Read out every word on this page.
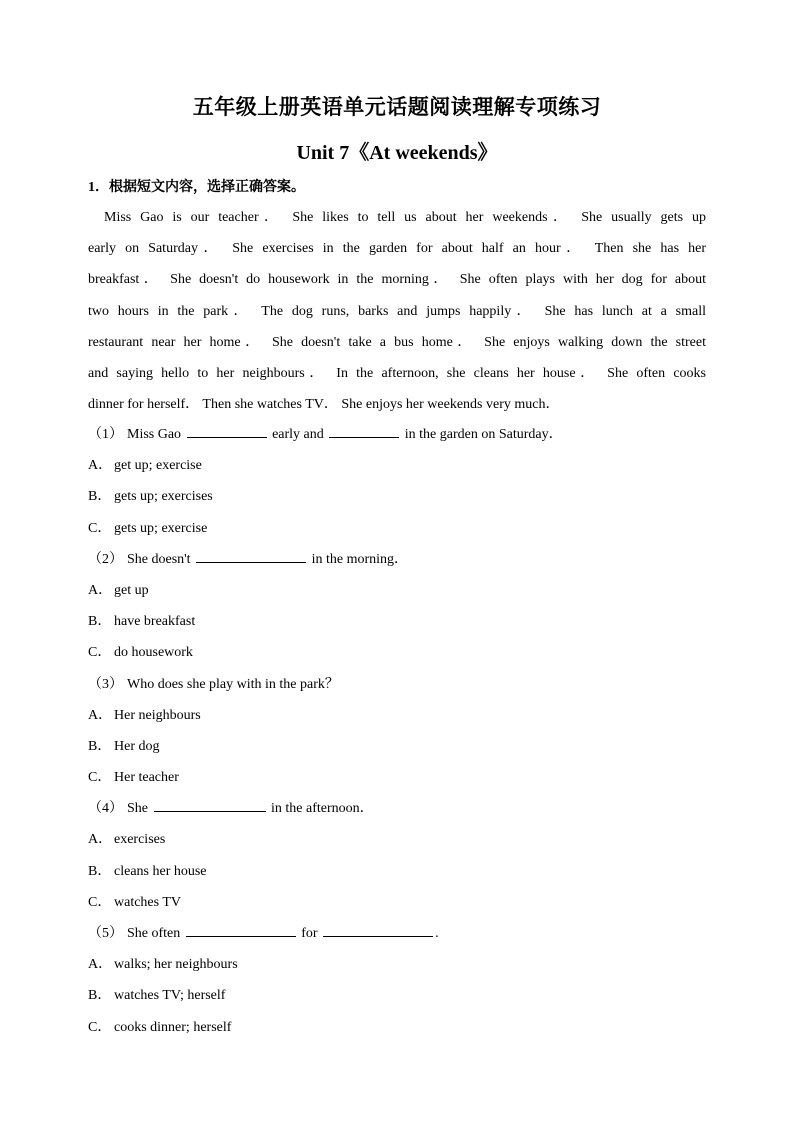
五年级上册英语单元话题阅读理解专项练习
Unit 7《At weekends》
1．根据短文内容，选择正确答案。
Miss Gao is our teacher． She likes to tell us about her weekends． She usually gets up
early on Saturday． She exercises in the garden for about half an hour． Then she has her
breakfast． She doesn't do housework in the morning． She often plays with her dog for about
two hours in the park． The dog runs, barks and jumps happily． She has lunch at a small
restaurant near her home． She doesn't take a bus home． She enjoys walking down the street
and saying hello to her neighbours． In the afternoon, she cleans her house． She often cooks
dinner for herself． Then she watches TV． She enjoys her weekends very much．
（1） Miss Gao	early and	in the garden on Saturday．
A． get up; exercise
B． gets up; exercises
C． gets up; exercise
（2） She doesn't	in the morning．
A． get up
B． have breakfast
C． do housework
（3） Who does she play with in the park？
A． Her neighbours
B． Her dog
C． Her teacher
（4） She	in the afternoon．
A． exercises
B． cleans her house
C． watches TV
（5） She often	for	.
A． walks; her neighbours
B． watches TV; herself
C． cooks dinner; herself
